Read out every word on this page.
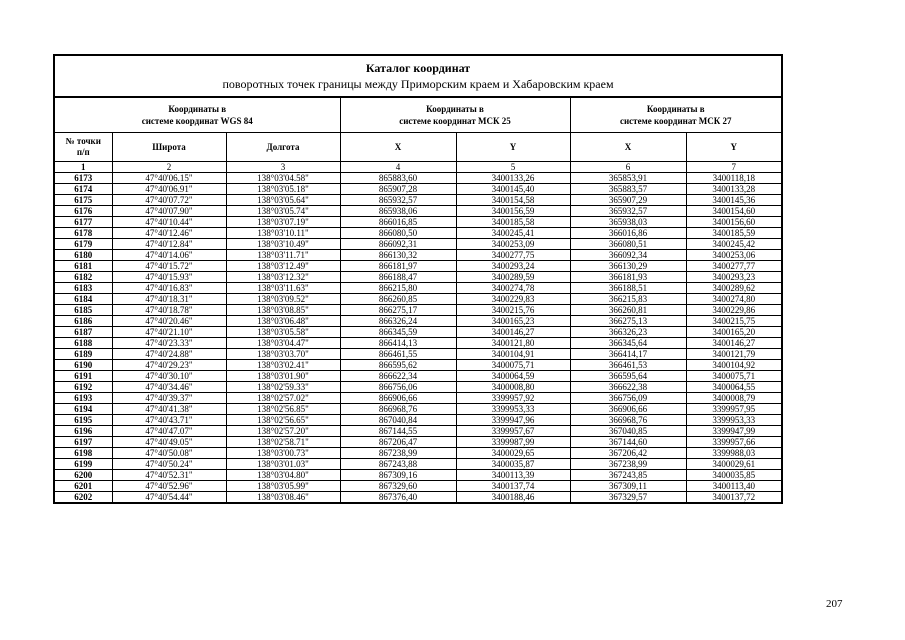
Каталог координат
поворотных точек границы между Приморским краем и Хабаровским краем						

Координаты в
системе координат WGS 84			Координаты в
системе координат МСК 25		Координаты в
системе координат МСК 27	
№ точки
п/п	Широта	Долгота	X	Y	X	Y
1	2	3	4	5	6	7
6173	47°40'06.15"	138°03'04.58"	865883,60	3400133,26	365853,91	3400118,18
6174	47°40'06.91"	138°03'05.18"	865907,28	3400145,40	365883,57	3400133,28
6175	47°40'07.72"	138°03'05.64"	865932,57	3400154,58	365907,29	3400145,36
6176	47°40'07.90"	138°03'05.74"	865938,06	3400156,59	365932,57	3400154,60
6177	47°40'10.44"	138°03'07.19"	866016,85	3400185,58	365938,03	3400156,60
6178	47°40'12.46"	138°03'10.11"	866080,50	3400245,41	366016,86	3400185,59
6179	47°40'12.84"	138°03'10.49"	866092,31	3400253,09	366080,51	3400245,42
6180	47°40'14.06"	138°03'11.71"	866130,32	3400277,75	366092,34	3400253,06
6181	47°40'15.72"	138°03'12.49"	866181,97	3400293,24	366130,29	3400277,77
6182	47°40'15.93"	138°03'12.32"	866188,47	3400289,59	366181,93	3400293,23
6183	47°40'16.83"	138°03'11.63"	866215,80	3400274,78	366188,51	3400289,62
6184	47°40'18.31"	138°03'09.52"	866260,85	3400229,83	366215,83	3400274,80
6185	47°40'18.78"	138°03'08.85"	866275,17	3400215,76	366260,81	3400229,86
6186	47°40'20.46"	138°03'06.48"	866326,24	3400165,23	366275,13	3400215,75
6187	47°40'21.10"	138°03'05.58"	866345,59	3400146,27	366326,23	3400165,20
6188	47°40'23.33"	138°03'04.47"	866414,13	3400121,80	366345,64	3400146,27
6189	47°40'24.88"	138°03'03.70"	866461,55	3400104,91	366414,17	3400121,79
6190	47°40'29.23"	138°03'02.41"	866595,62	3400075,71	366461,53	3400104,92
6191	47°40'30.10"	138°03'01.90"	866622,34	3400064,59	366595,64	3400075,71
6192	47°40'34.46"	138°02'59.33"	866756,06	3400008,80	366622,38	3400064,55
6193	47°40'39.37"	138°02'57.02"	866906,66	3399957,92	366756,09	3400008,79
6194	47°40'41.38"	138°02'56.85"	866968,76	3399953,33	366906,66	3399957,95
6195	47°40'43.71"	138°02'56.65"	867040,84	3399947,96	366968,76	3399953,33
6196	47°40'47.07"	138°02'57.20"	867144,55	3399957,67	367040,85	3399947,99
6197	47°40'49.05"	138°02'58.71"	867206,47	3399987,99	367144,60	3399957,66
6198	47°40'50.08"	138°03'00.73"	867238,99	3400029,65	367206,42	3399988,03
6199	47°40'50.24"	138°03'01.03"	867243,88	3400035,87	367238,99	3400029,61
6200	47°40'52.31"	138°03'04.80"	867309,16	3400113,39	367243,85	3400035,85
6201	47°40'52.96"	138°03'05.99"	867329,60	3400137,74	367309,11	3400113,40
6202	47°40'54.44"	138°03'08.46"	867376,40	3400188,46	367329,57	3400137,72
207
